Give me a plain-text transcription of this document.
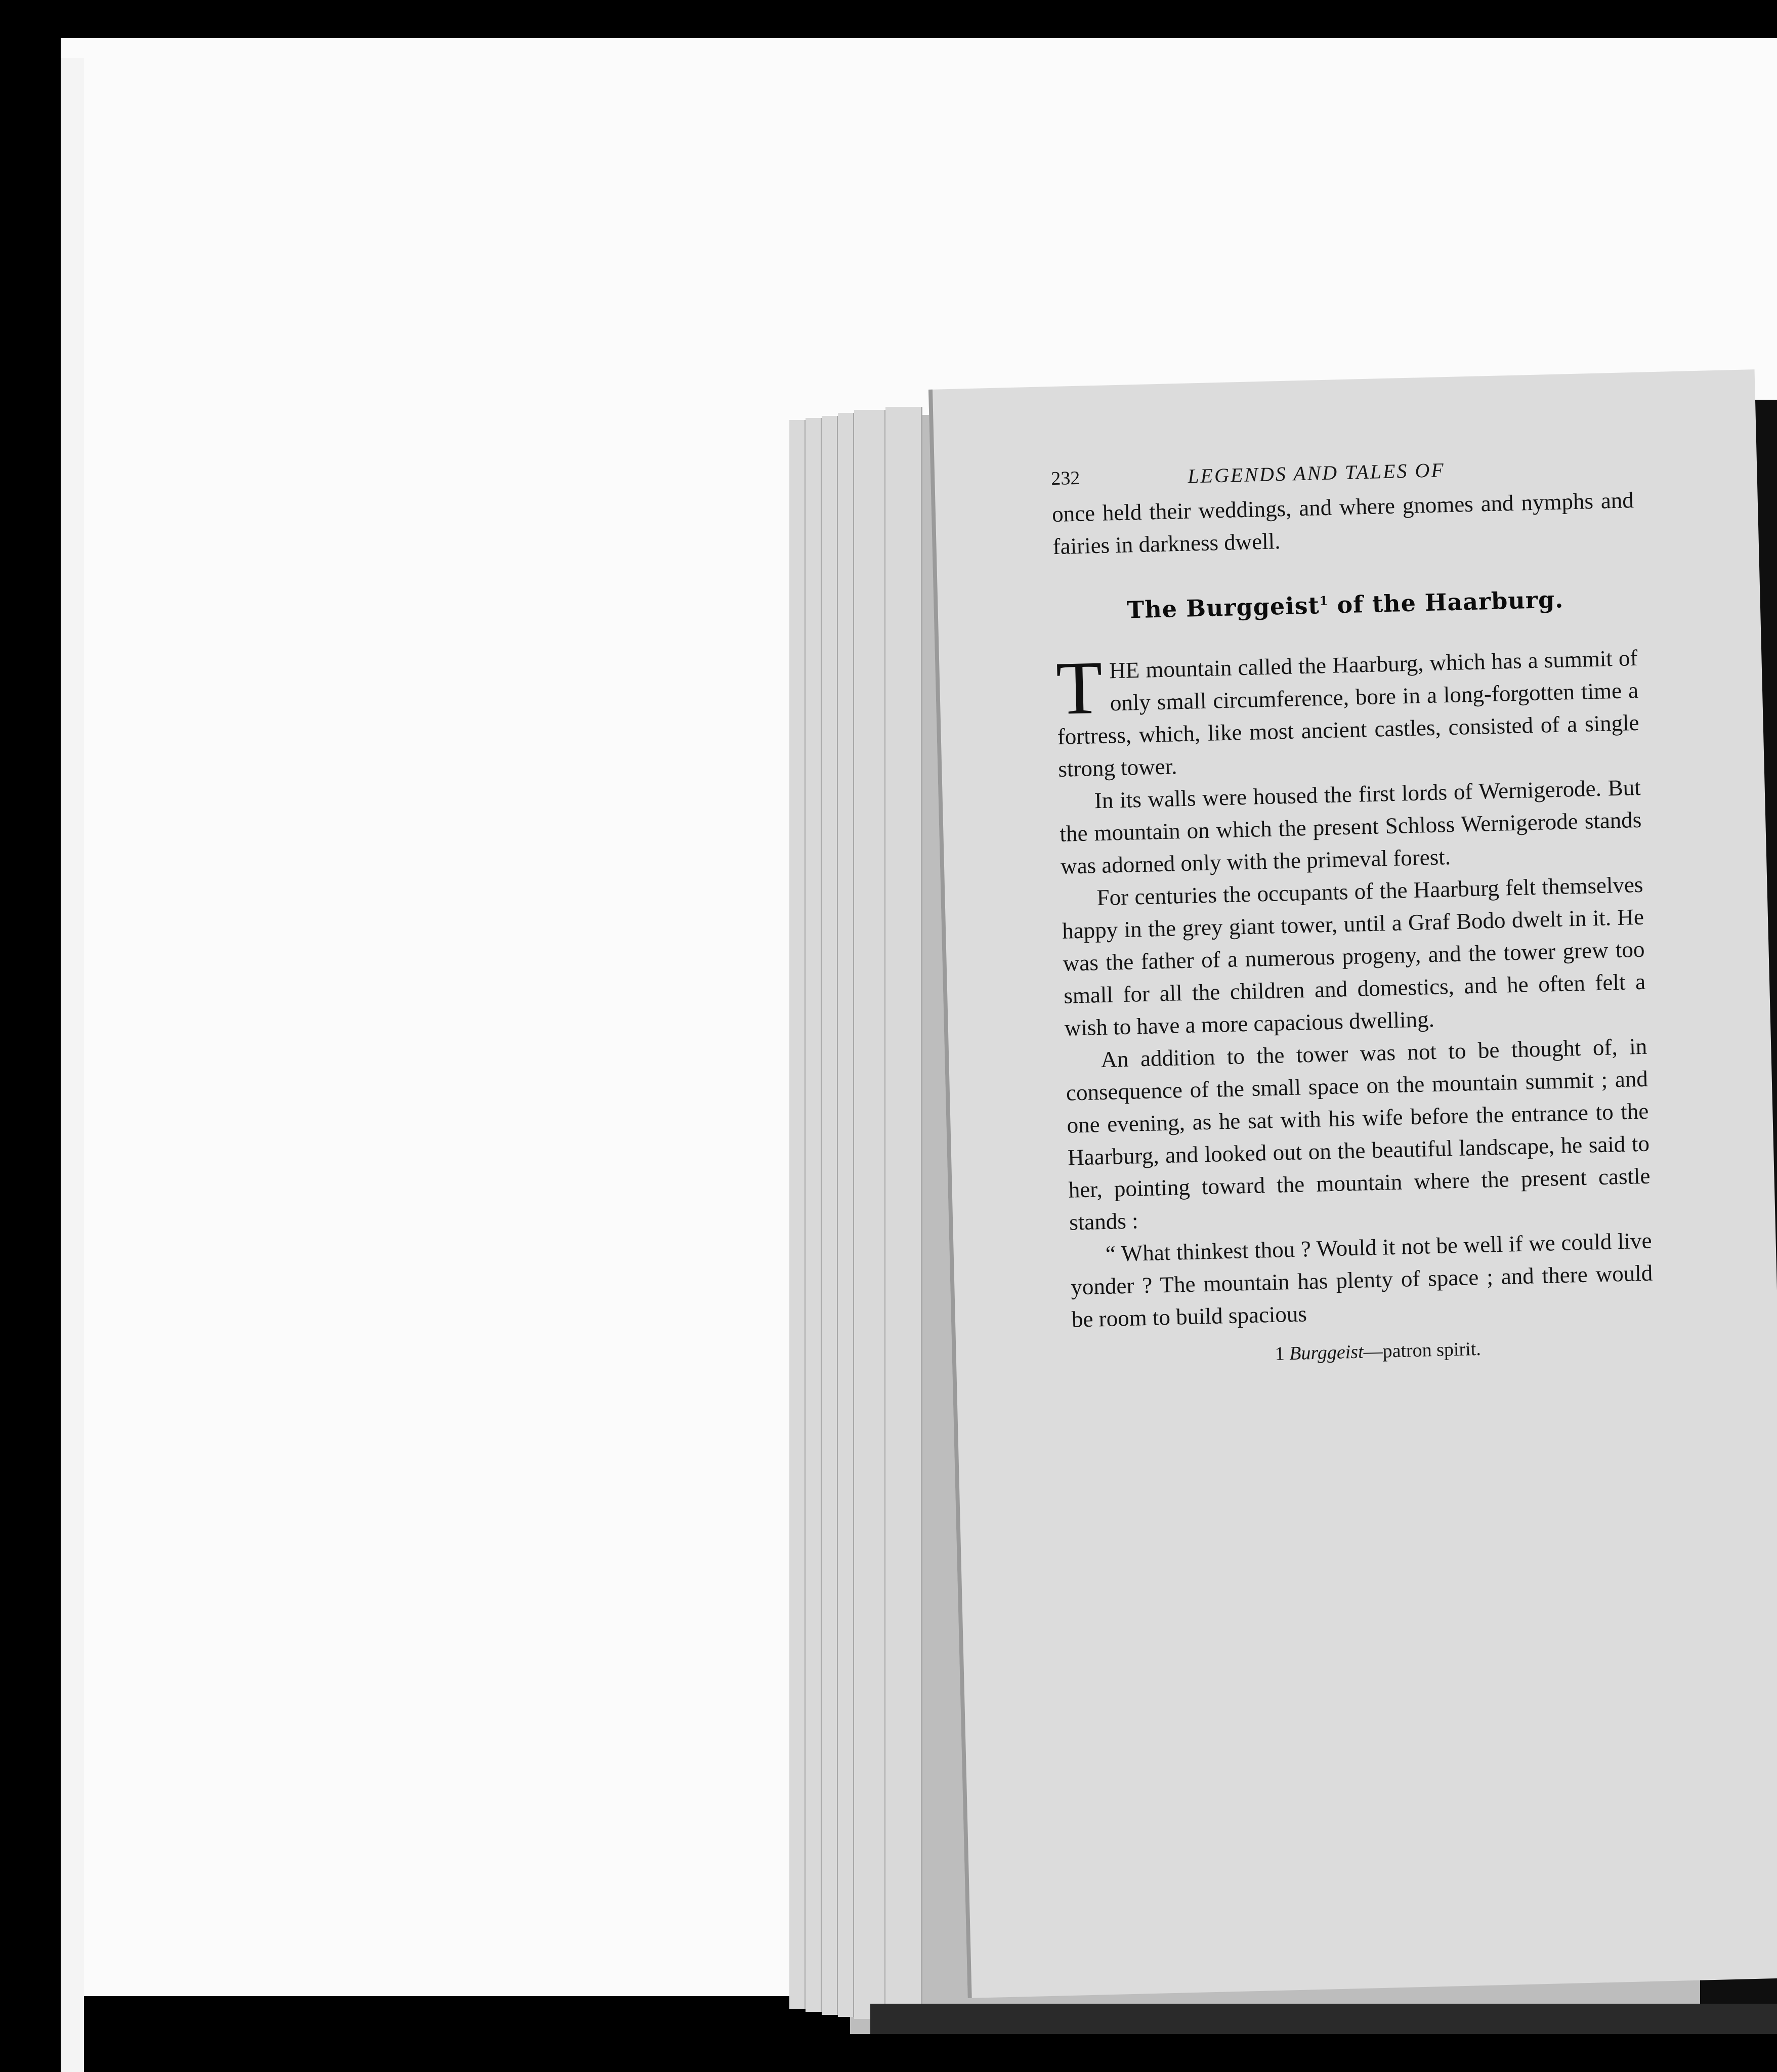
232	LEGENDS AND TALES OF

once held their weddings, and where gnomes and nymphs and fairies in darkness dwell.

The Burggeist$^1$ of the Haarburg.

THE mountain called the Haarburg, which has a summit of only small circumference, bore in a long-forgotten time a fortress, which, like most ancient castles, consisted of a single strong tower.

In its walls were housed the first lords of Wernigerode. But the mountain on which the present Schloss Wernigerode stands was adorned only with the primeval forest.

For centuries the occupants of the Haarburg felt themselves happy in the grey giant tower, until a Graf Bodo dwelt in it. He was the father of a numerous progeny, and the tower grew too small for all the children and domestics, and he often felt a wish to have a more capacious dwelling.

An addition to the tower was not to be thought of, in consequence of the small space on the mountain summit ; and one evening, as he sat with his wife before the entrance to the Haarburg, and looked out on the beautiful landscape, he said to her, pointing toward the mountain where the present castle stands :

“ What thinkest thou ? Would it not be well if we could live yonder ? The mountain has plenty of space ; and there would be room to build spacious

1 Burggeist—patron spirit.
